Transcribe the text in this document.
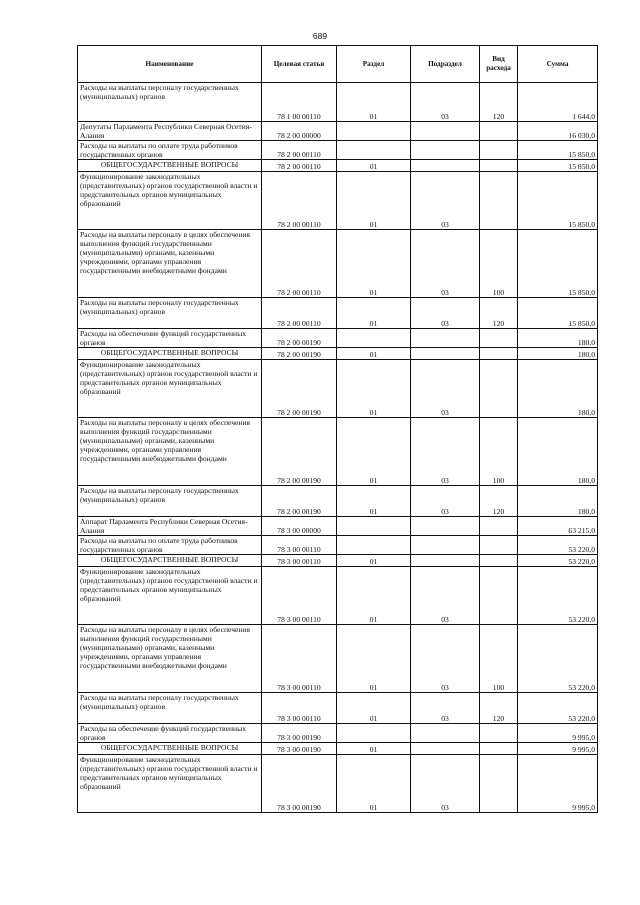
689
Наименование	Целевая статья	Раздел	Подраздел	Вид расхода	Сумма
Расходы на выплаты персоналу государственных (муниципальных) органов	78 1 00 00110	01	03	120	1 644,0
Депутаты Парламента Республики Северная Осетия-Алания	78 2 00 00000				16 030,0
Расходы на выплаты по оплате труда работников государственных органов	78 2 00 00110				15 850,0
ОБЩЕГОСУДАРСТВЕННЫЕ ВОПРОСЫ	78 2 00 00110	01			15 850,0
Функционирование законодательных (представительных) органов государственной власти и представительных органов муниципальных образований	78 2 00 00110	01	03		15 850,0
Расходы на выплаты персоналу в целях обеспечения выполнения функций государственными (муниципальными) органами, казенными учреждениями, органами управления государственными внебюджетными фондами	78 2 00 00110	01	03	100	15 850,0
Расходы на выплаты персоналу государственных (муниципальных) органов	78 2 00 00110	01	03	120	15 850,0
Расходы на обеспечение функций государственных органов	78 2 00 00190				180,0
ОБЩЕГОСУДАРСТВЕННЫЕ ВОПРОСЫ	78 2 00 00190	01			180,0
Функционирование законодательных (представительных) органов государственной власти и представительных органов муниципальных образований	78 2 00 00190	01	03		180,0
Расходы на выплаты персоналу в целях обеспечения выполнения функций государственными (муниципальными) органами, казенными учреждениями, органами управления государственными внебюджетными фондами	78 2 00 00190	01	03	100	180,0
Расходы на выплаты персоналу государственных (муниципальных) органов	78 2 00 00190	01	03	120	180,0
Аппарат Парламента Республики Северная Осетия-Алания	78 3 00 00000				63 215,0
Расходы на выплаты по оплате труда работников государственных органов	78 3 00 00110				53 220,0
ОБЩЕГОСУДАРСТВЕННЫЕ ВОПРОСЫ	78 3 00 00110	01			53 220,0
Функционирование законодательных (представительных) органов государственной власти и представительных органов муниципальных образований	78 3 00 00110	01	03		53 220,0
Расходы на выплаты персоналу в целях обеспечения выполнения функций государственными (муниципальными) органами, казенными учреждениями, органами управления государственными внебюджетными фондами	78 3 00 00110	01	03	100	53 220,0
Расходы на выплаты персоналу государственных (муниципальных) органов	78 3 00 00110	01	03	120	53 220,0
Расходы на обеспечение функций государственных органов	78 3 00 00190				9 995,0
ОБЩЕГОСУДАРСТВЕННЫЕ ВОПРОСЫ	78 3 00 00190	01			9 995,0
Функционирование законодательных (представительных) органов государственной власти и представительных органов муниципальных образований	78 3 00 00190	01	03		9 995,0
